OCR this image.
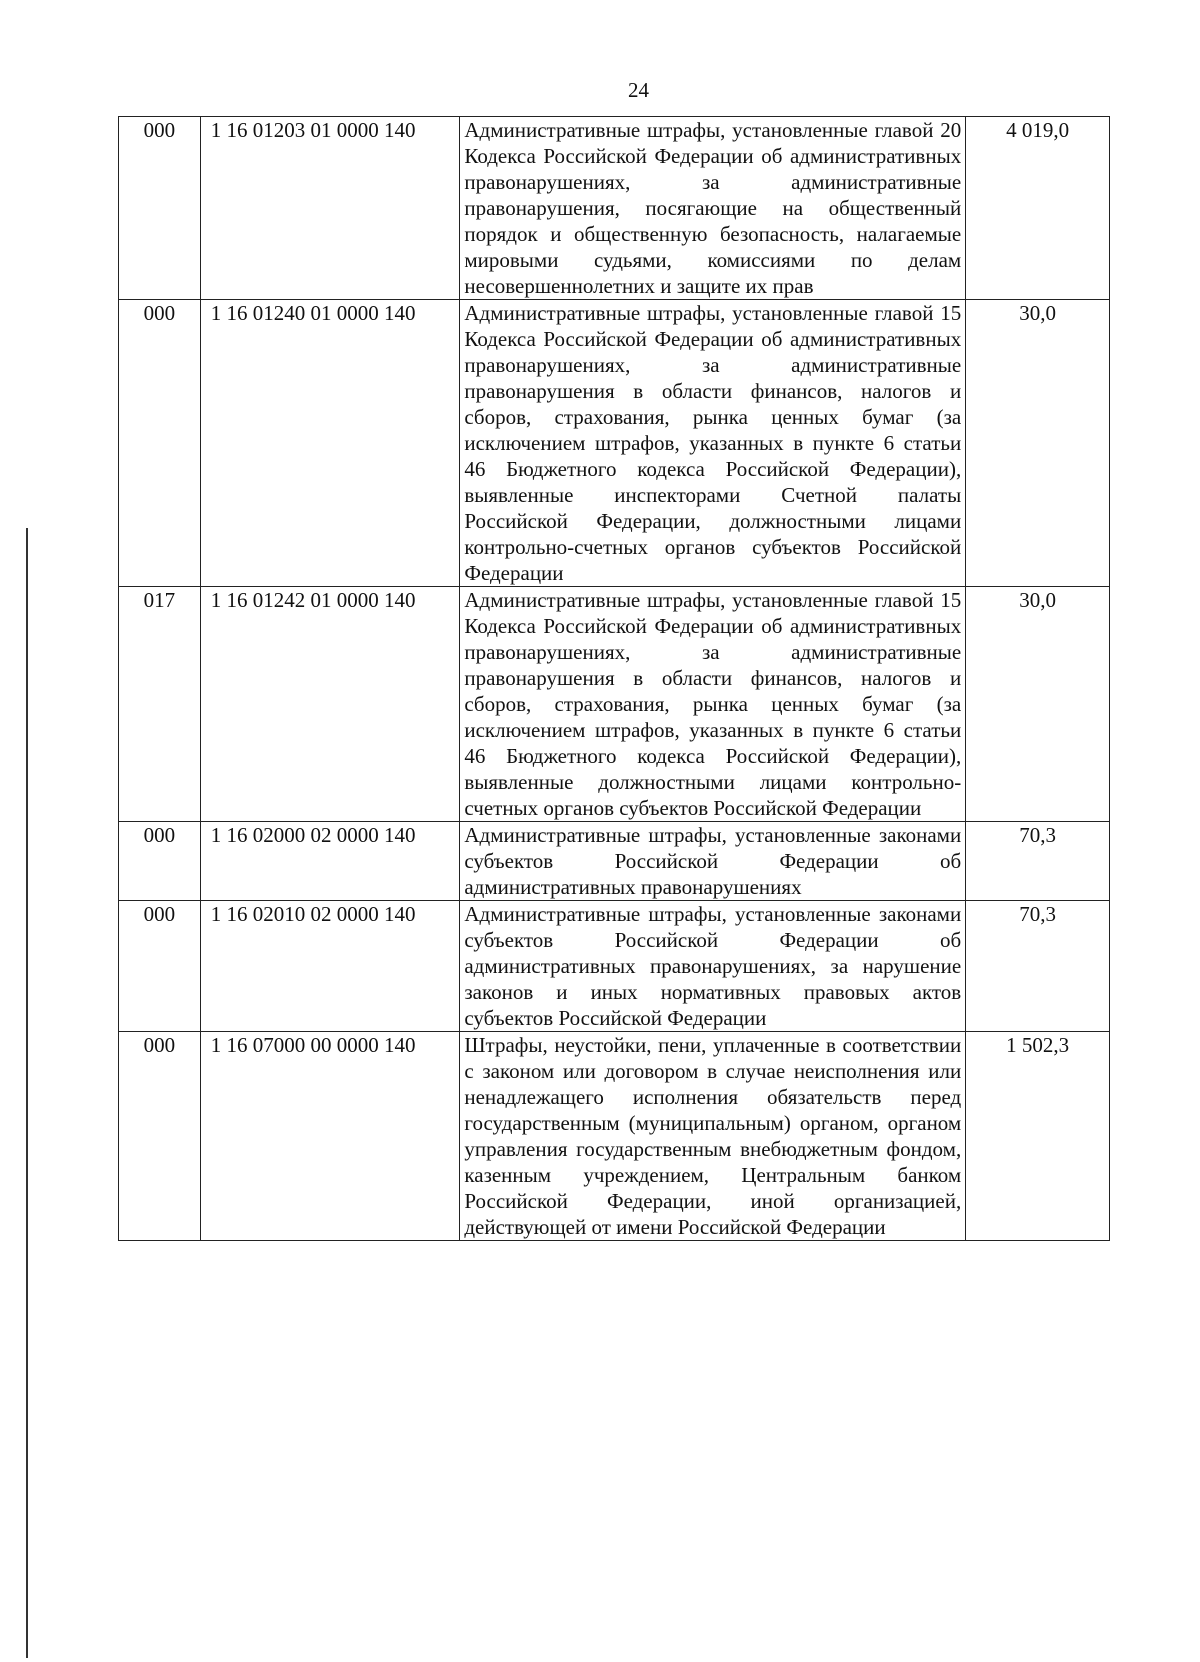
24
000	1 16 01203 01 0000 140	Административные штрафы, установленные главой 20 Кодекса Российской Федерации об административных правонарушениях, за административные правонарушения, посягающие на общественный порядок и общественную безопасность, налагаемые мировыми судьями, комиссиями по делам несовершеннолетних и защите их прав	4 019,0
000	1 16 01240 01 0000 140	Административные штрафы, установленные главой 15 Кодекса Российской Федерации об административных правонарушениях, за административные правонарушения в области финансов, налогов и сборов, страхования, рынка ценных бумаг (за исключением штрафов, указанных в пункте 6 статьи 46 Бюджетного кодекса Российской Федерации), выявленные инспекторами Счетной палаты Российской Федерации, должностными лицами контрольно-счетных органов субъектов Российской Федерации	30,0
017	1 16 01242 01 0000 140	Административные штрафы, установленные главой 15 Кодекса Российской Федерации об административных правонарушениях, за административные правонарушения в области финансов, налогов и сборов, страхования, рынка ценных бумаг (за исключением штрафов, указанных в пункте 6 статьи 46 Бюджетного кодекса Российской Федерации), выявленные должностными лицами контрольно-счетных органов субъектов Российской Федерации	30,0
000	1 16 02000 02 0000 140	Административные штрафы, установленные законами субъектов Российской Федерации об административных правонарушениях	70,3
000	1 16 02010 02 0000 140	Административные штрафы, установленные законами субъектов Российской Федерации об административных правонарушениях, за нарушение законов и иных нормативных правовых актов субъектов Российской Федерации	70,3
000	1 16 07000 00 0000 140	Штрафы, неустойки, пени, уплаченные в соответствии с законом или договором в случае неисполнения или ненадлежащего исполнения обязательств перед государственным (муниципальным) органом, органом управления государственным внебюджетным фондом, казенным учреждением, Центральным банком Российской Федерации, иной организацией, действующей от имени Российской Федерации	1 502,3
